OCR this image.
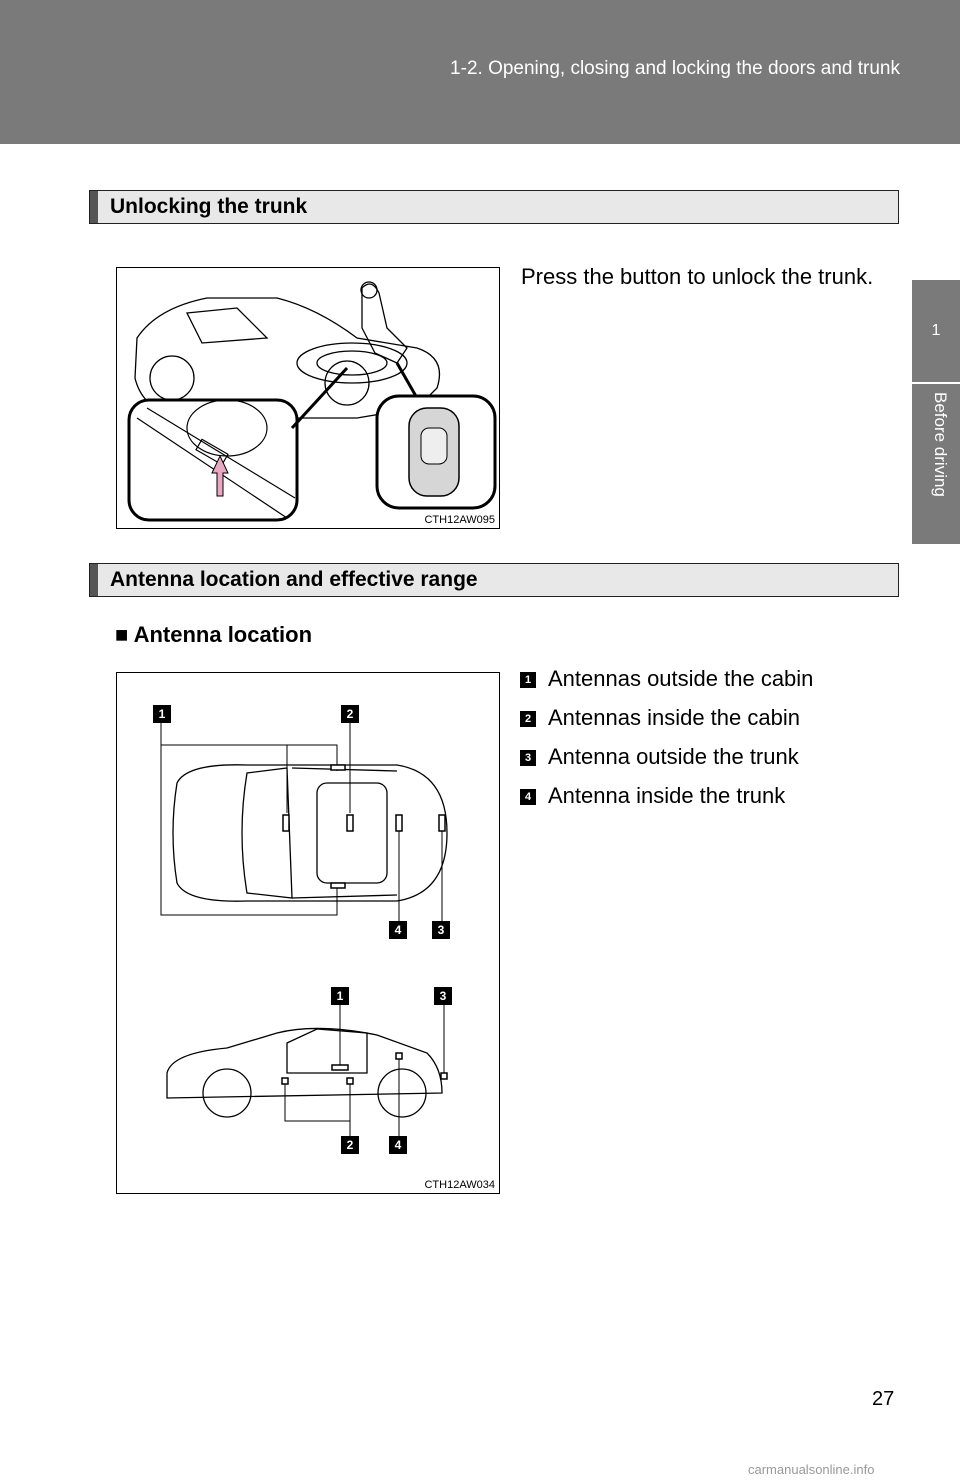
1-2. Opening, closing and locking the doors and trunk
1
Before driving
Unlocking the trunk
CTH12AW095
Press the button to unlock the trunk.
Antenna location and effective range
■ Antenna location
1	2
4	3
1	3
2	4
CTH12AW034
1 Antennas outside the cabin
2 Antennas inside the cabin
3 Antenna outside the trunk
4 Antenna inside the trunk
27
carmanualsonline.info
